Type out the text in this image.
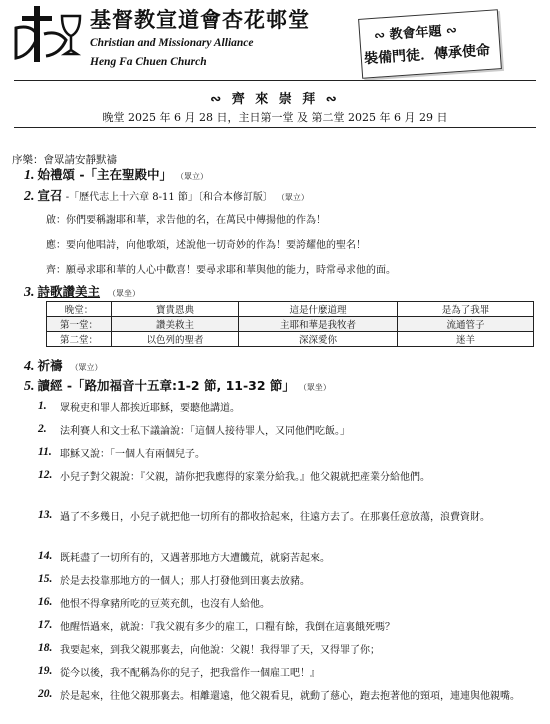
基督教宣道會杏花邨堂
Christian and Missionary Alliance
Heng Fa Chuen Church
∾ 教會年題 ∾
裝備門徒．傳承使命
∾ 齊 來 崇 拜 ∾
晚堂 2025 年 6 月 28 日，主日第一堂 及 第二堂 2025 年 6 月 29 日
序樂：會眾請安靜默禱
1. 始禮頌 -「主在聖殿中」 （眾立）
2. 宣召 -「歷代志上十六章 8-11 節」〔和合本修訂版〕 （眾立）
啟：你們要稱謝耶和華，求告他的名，在萬民中傳揚他的作為！
應：要向他唱詩，向他歌頌，述說他一切奇妙的作為！要誇耀他的聖名！
齊：願尋求耶和華的人心中歡喜！要尋求耶和華與他的能力，時常尋求他的面。
3. 詩歌讚美主 （眾坐）
晚堂：	寶貴恩典	這是什麼道理	是為了我罪
第一堂：	讚美救主	主耶和華是我牧者	流通管子
第二堂：	以色列的聖者	深深愛你	迷羊
4. 祈禱 （眾立）
5. 讀經 -「路加福音十五章:1-2 節, 11-32 節」 （眾坐）
1. 眾稅吏和罪人都挨近耶穌，要聽他講道。
2. 法利賽人和文士私下議論說：「這個人接待罪人，又同他們吃飯。」
11. 耶穌又說：「一個人有兩個兒子。
12. 小兒子對父親說：『父親，請你把我應得的家業分給我。』他父親就把產業分給他們。
13. 過了不多幾日，小兒子就把他一切所有的都收拾起來，往遠方去了。在那裏任意放蕩，浪費資財。
14. 既耗盡了一切所有的，又遇著那地方大遭饑荒，就窮苦起來。
15. 於是去投靠那地方的一個人；那人打發他到田裏去放豬。
16. 他恨不得拿豬所吃的豆莢充飢，也沒有人給他。
17. 他醒悟過來，就說：『我父親有多少的雇工，口糧有餘，我倒在這裏餓死嗎？
18. 我要起來，到我父親那裏去，向他說：父親！我得罪了天，又得罪了你；
19. 從今以後，我不配稱為你的兒子，把我當作一個雇工吧！』
20. 於是起來，往他父親那裏去。相離還遠，他父親看見，就動了慈心，跑去抱著他的頸項，連連與他親嘴。
